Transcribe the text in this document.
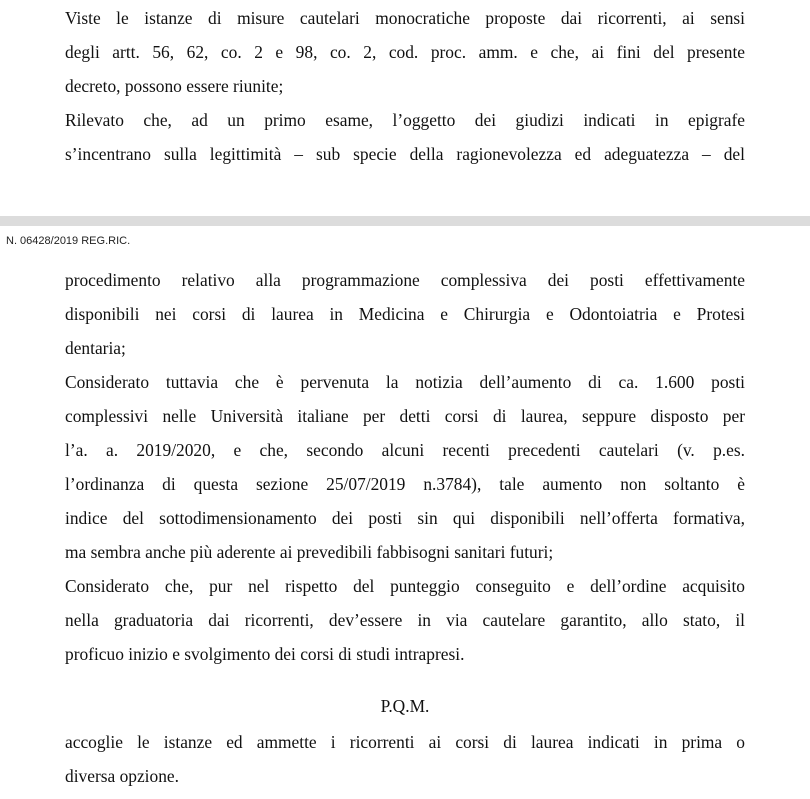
Viste le istanze di misure cautelari monocratiche proposte dai ricorrenti, ai sensi
degli artt. 56, 62, co. 2 e 98, co. 2, cod. proc. amm. e che, ai fini del presente
decreto, possono essere riunite;
Rilevato che, ad un primo esame, l’oggetto dei giudizi indicati in epigrafe
s’incentrano sulla legittimità – sub specie della ragionevolezza ed adeguatezza – del
N. 06428/2019 REG.RIC.
procedimento relativo alla programmazione complessiva dei posti effettivamente
disponibili nei corsi di laurea in Medicina e Chirurgia e Odontoiatria e Protesi
dentaria;
Considerato tuttavia che è pervenuta la notizia dell’aumento di ca. 1.600 posti
complessivi nelle Università italiane per detti corsi di laurea, seppure disposto per
l’a. a. 2019/2020, e che, secondo alcuni recenti precedenti cautelari (v. p.es.
l’ordinanza di questa sezione 25/07/2019 n.3784), tale aumento non soltanto è
indice del sottodimensionamento dei posti sin qui disponibili nell’offerta formativa,
ma sembra anche più aderente ai prevedibili fabbisogni sanitari futuri;
Considerato che, pur nel rispetto del punteggio conseguito e dell’ordine acquisito
nella graduatoria dai ricorrenti, dev’essere in via cautelare garantito, allo stato, il
proficuo inizio e svolgimento dei corsi di studi intrapresi.
P.Q.M.
accoglie le istanze ed ammette i ricorrenti ai corsi di laurea indicati in prima o
diversa opzione.
